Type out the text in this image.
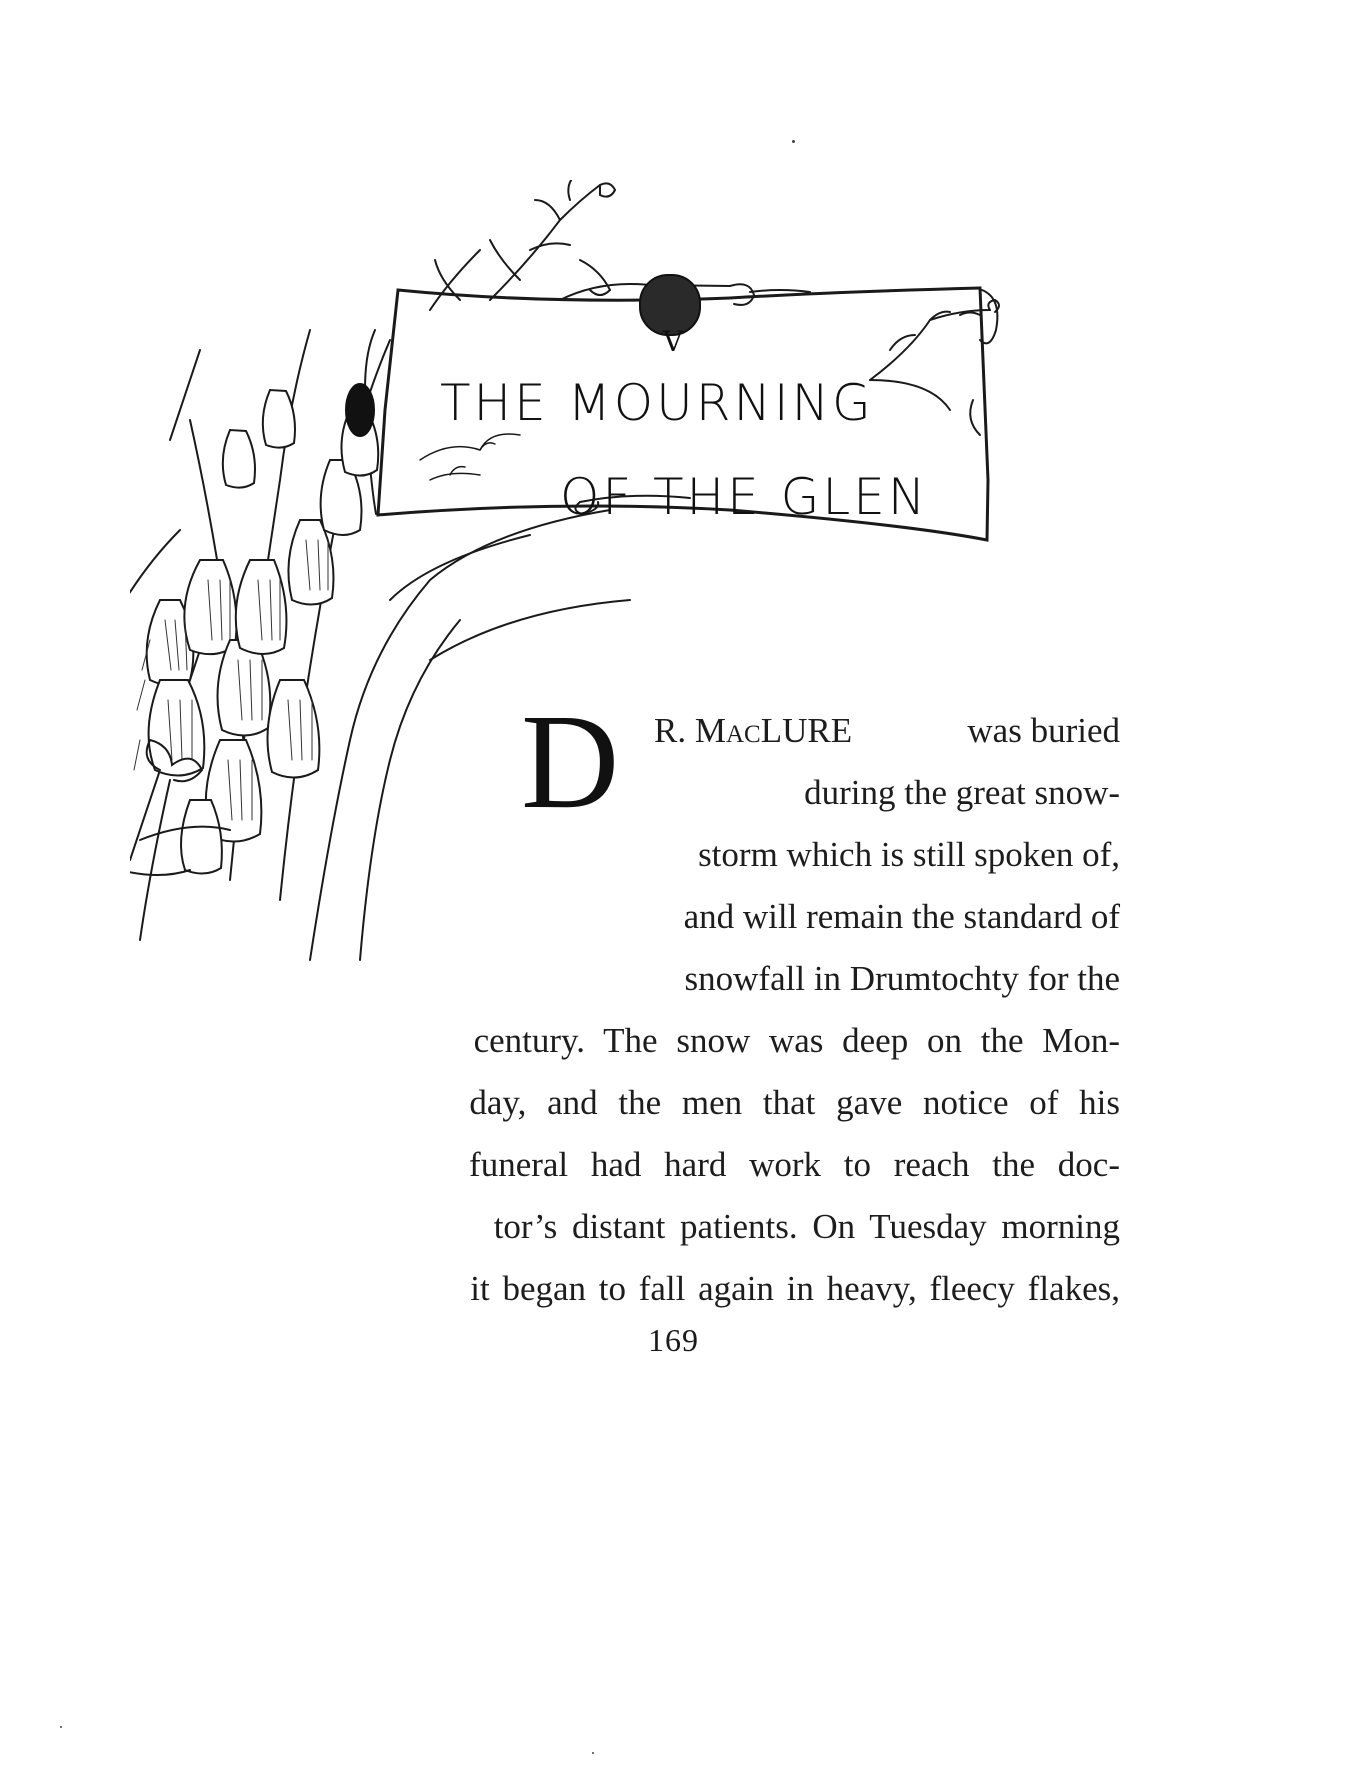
V
THE MOURNING
OF THE GLEN
D R. MacLURE	was buried
during the great snow-
storm which is still spoken of,
and will remain the standard of
snowfall in Drumtochty for the
century. The snow was deep on the Mon-
day, and the men that gave notice of his
funeral had hard work to reach the doc-
tor’s distant patients. On Tuesday morning
it began to fall again in heavy, fleecy flakes,
169
